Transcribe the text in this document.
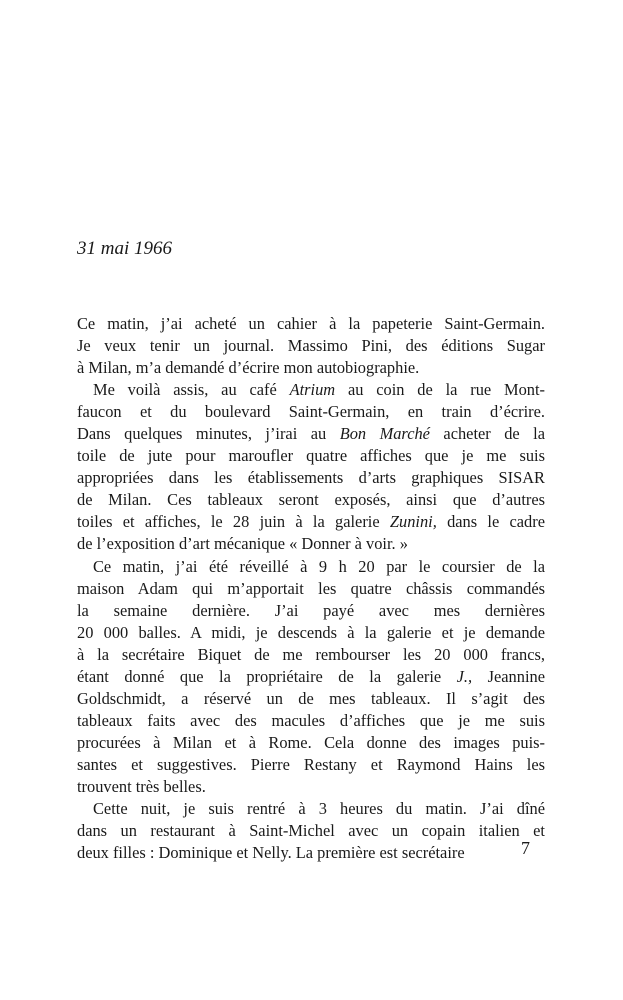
31 mai 1966

Ce matin, j’ai acheté un cahier à la papeterie Saint-Germain.
Je veux tenir un journal. Massimo Pini, des éditions Sugar
à Milan, m’a demandé d’écrire mon autobiographie.

Me voilà assis, au café Atrium au coin de la rue Mont-
faucon et du boulevard Saint-Germain, en train d’écrire.
Dans quelques minutes, j’irai au Bon Marché acheter de la
toile de jute pour maroufler quatre affiches que je me suis
appropriées dans les établissements d’arts graphiques SISAR
de Milan. Ces tableaux seront exposés, ainsi que d’autres
toiles et affiches, le 28 juin à la galerie Zunini, dans le cadre
de l’exposition d’art mécanique « Donner à voir. »

Ce matin, j’ai été réveillé à 9 h 20 par le coursier de la
maison Adam qui m’apportait les quatre châssis commandés
la semaine dernière. J’ai payé avec mes dernières
20 000 balles. A midi, je descends à la galerie et je demande
à la secrétaire Biquet de me rembourser les 20 000 francs,
étant donné que la propriétaire de la galerie J., Jeannine
Goldschmidt, a réservé un de mes tableaux. Il s’agit des
tableaux faits avec des macules d’affiches que je me suis
procurées à Milan et à Rome. Cela donne des images puis-
santes et suggestives. Pierre Restany et Raymond Hains les
trouvent très belles.

Cette nuit, je suis rentré à 3 heures du matin. J’ai dîné
dans un restaurant à Saint-Michel avec un copain italien et
deux filles : Dominique et Nelly. La première est secrétaire	7
